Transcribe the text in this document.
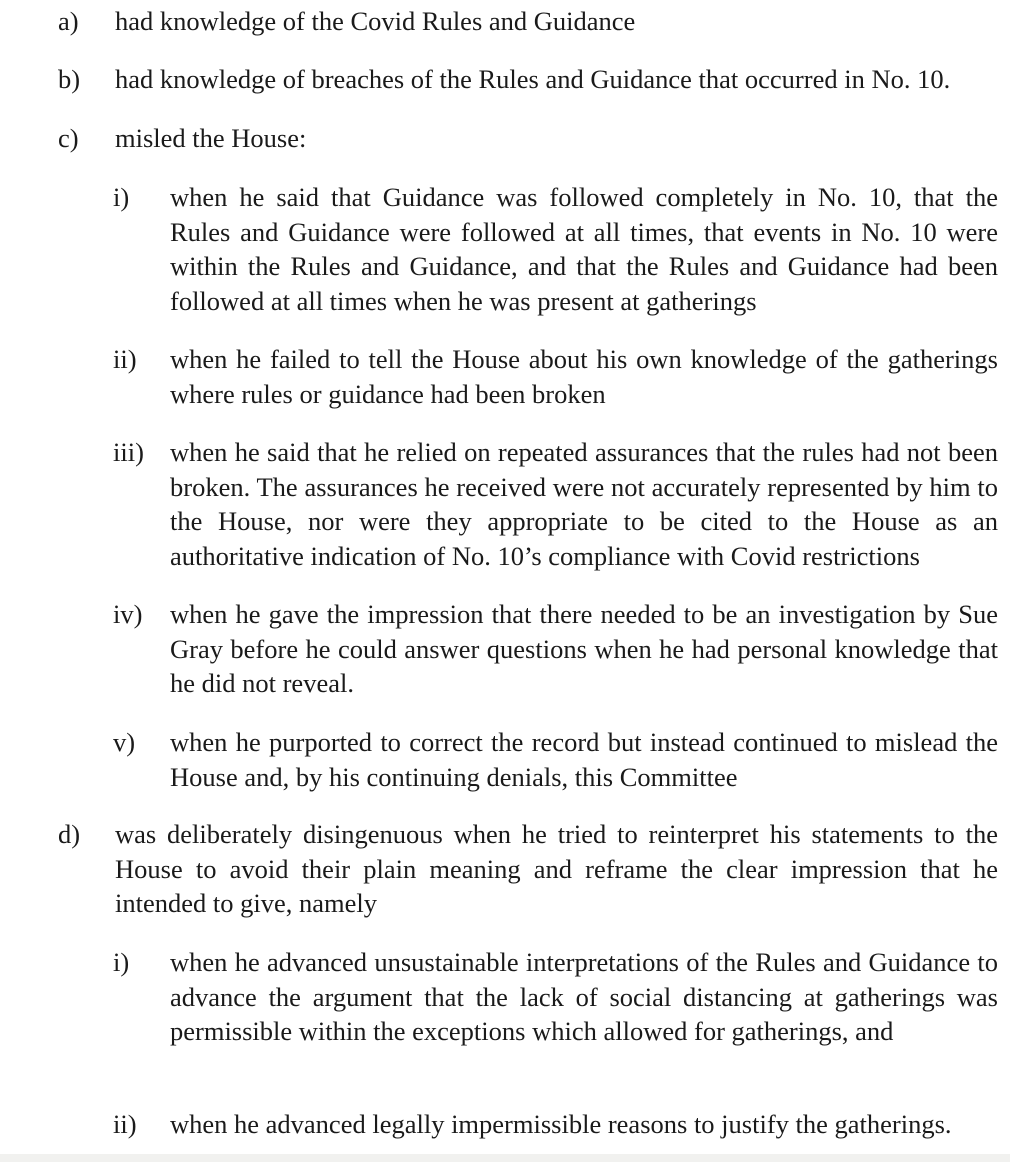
a)	had knowledge of the Covid Rules and Guidance
b)	had knowledge of breaches of the Rules and Guidance that occurred in No. 10.
c)	misled the House:
i)	when he said that Guidance was followed completely in No. 10, that the Rules and Guidance were followed at all times, that events in No. 10 were within the Rules and Guidance, and that the Rules and Guidance had been followed at all times when he was present at gatherings
ii)	when he failed to tell the House about his own knowledge of the gatherings where rules or guidance had been broken
iii) when he said that he relied on repeated assurances that the rules had not been broken. The assurances he received were not accurately represented by him to the House, nor were they appropriate to be cited to the House as an authoritative indication of No. 10’s compliance with Covid restrictions
iv)	when he gave the impression that there needed to be an investigation by Sue Gray before he could answer questions when he had personal knowledge that he did not reveal.
v)	when he purported to correct the record but instead continued to mislead the House and, by his continuing denials, this Committee
d)	was deliberately disingenuous when he tried to reinterpret his statements to the House to avoid their plain meaning and reframe the clear impression that he intended to give, namely
i)	when he advanced unsustainable interpretations of the Rules and Guidance to advance the argument that the lack of social distancing at gatherings was permissible within the exceptions which allowed for gatherings, and
ii)	when he advanced legally impermissible reasons to justify the gatherings.
